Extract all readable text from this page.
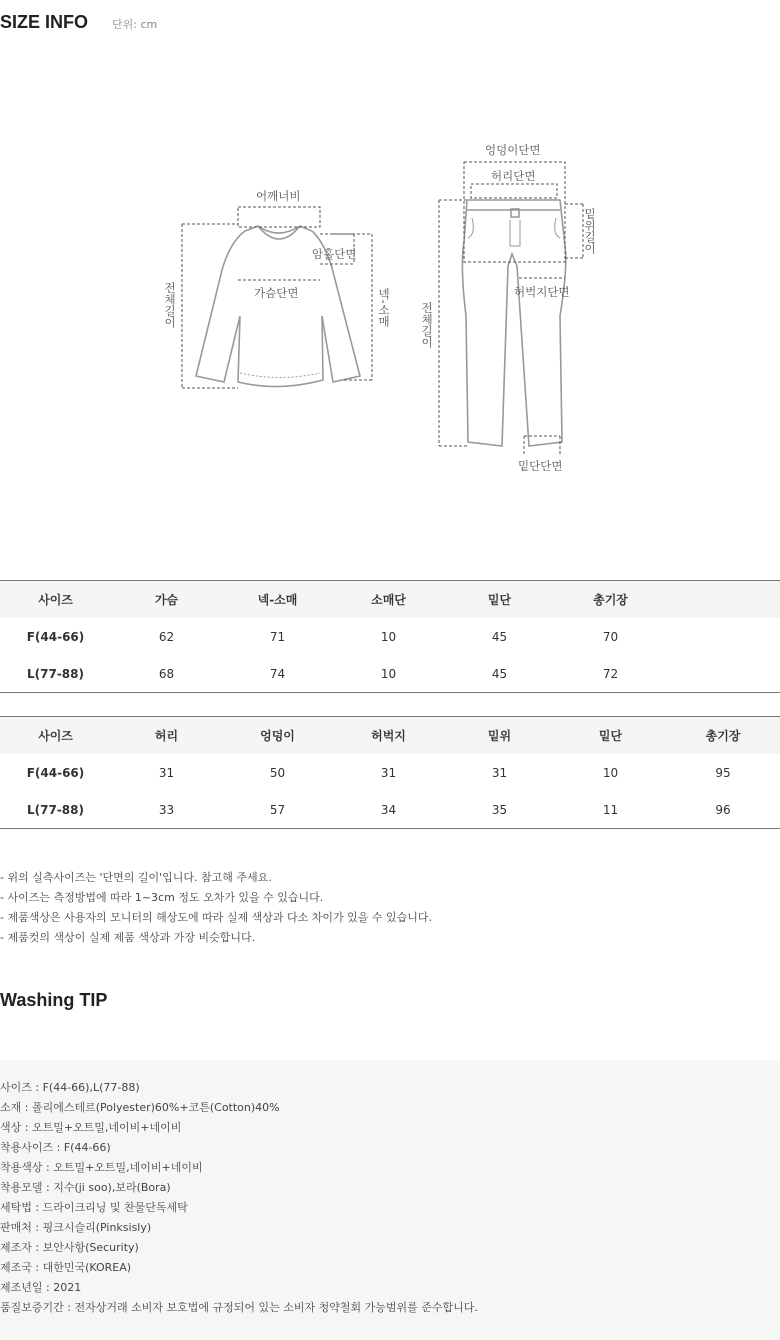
SIZE INFO 단위: cm
어깨너비
암홀단면
가슴단면
전체길이	넥-소매
엉덩이단면
허리단면
밑위길이
허벅지단면
전체길이
밑단단면
사이즈	가슴	넥-소매	소매단	밑단	총기장	
F(44-66)	62	71	10	45	70	
L(77-88)	68	74	10	45	72	
사이즈	허리	엉덩이	허벅지	밑위	밑단	총기장
F(44-66)	31	50	31	31	10	95
L(77-88)	33	57	34	35	11	96
- 위의 실측사이즈는 '단면의 길이'입니다. 참고해 주세요.
- 사이즈는 측정방법에 따라 1~3cm 정도 오차가 있을 수 있습니다.
- 제품색상은 사용자의 모니터의 해상도에 따라 실제 색상과 다소 차이가 있을 수 있습니다.
- 제품컷의 색상이 실제 제품 색상과 가장 비슷합니다.
Washing TIP
사이즈 : F(44-66),L(77-88)
소재 : 폴리에스테르(Polyester)60%+코튼(Cotton)40%
색상 : 오트밀+오트밀,네이비+네이비
착용사이즈 : F(44-66)
착용색상 : 오트밀+오트밀,네이비+네이비
착용모델 : 지수(ji soo),보라(Bora)
세탁법 : 드라이크리닝 및 찬물단독세탁
판매처 : 핑크시슬리(Pinksisly)
제조자 : 보안사항(Security)
제조국 : 대한민국(KOREA)
제조년일 : 2021
품질보증기간 : 전자상거래 소비자 보호법에 규정되어 있는 소비자 청약철회 가능범위를 준수합니다.
